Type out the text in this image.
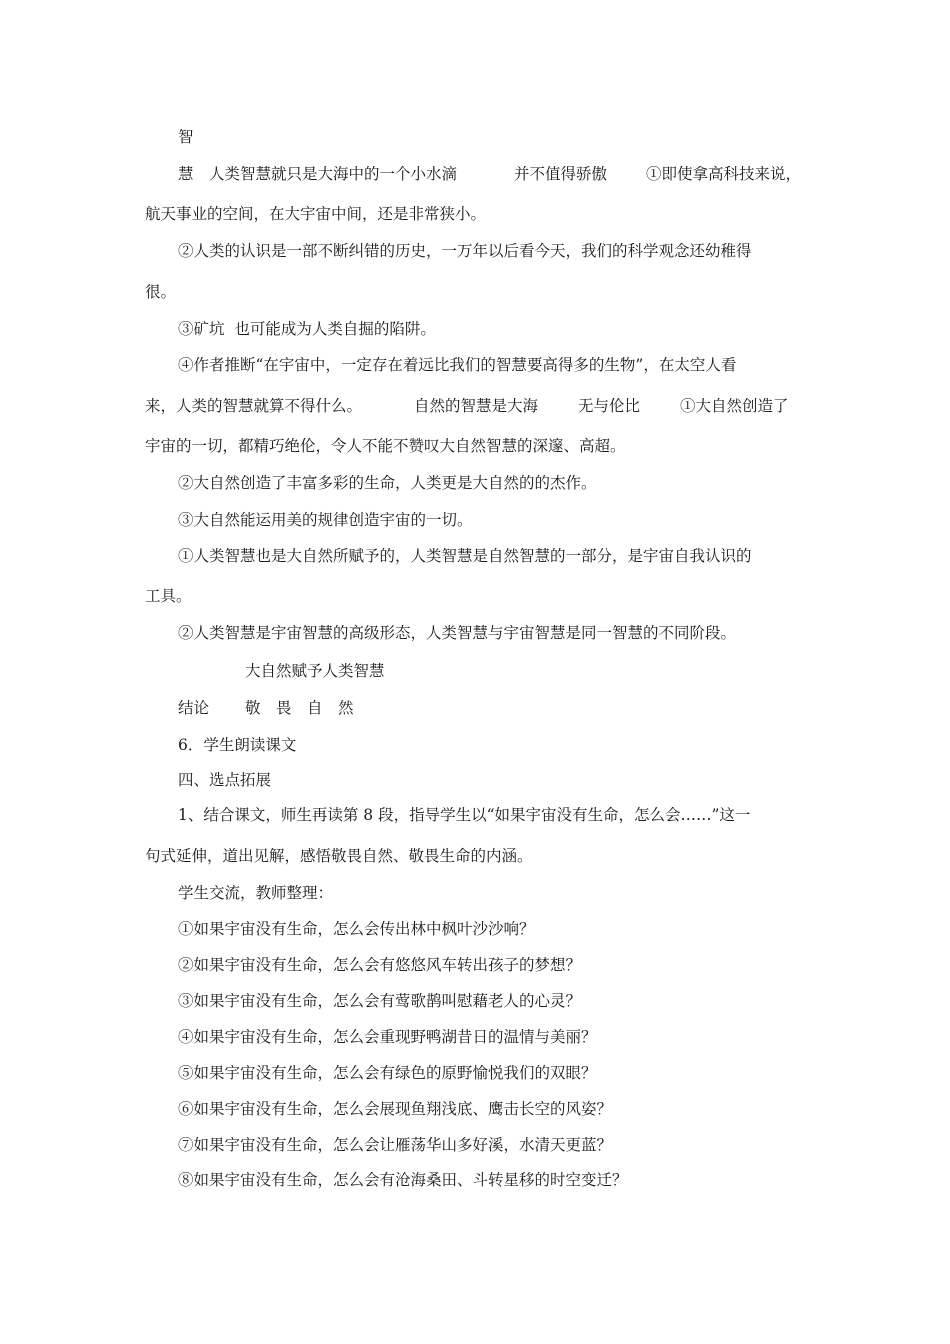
智
慧　人类智慧就只是大海中的一个小水滴	并不值得骄傲	①即使拿高科技来说，
航天事业的空间，在大宇宙中间，还是非常狭小。
②人类的认识是一部不断纠错的历史，一万年以后看今天，我们的科学观念还幼稚得
很。
③矿坑  也可能成为人类自掘的陷阱。
④作者推断“在宇宙中，一定存在着远比我们的智慧要高得多的生物”，在太空人看
来，人类的智慧就算不得什么。	自然的智慧是大海	无与伦比	①大自然创造了
宇宙的一切，都精巧绝伦，令人不能不赞叹大自然智慧的深邃、高超。
②大自然创造了丰富多彩的生命，人类更是大自然的的杰作。
③大自然能运用美的规律创造宇宙的一切。
①人类智慧也是大自然所赋予的，人类智慧是自然智慧的一部分，是宇宙自我认识的
工具。
②人类智慧是宇宙智慧的高级形态，人类智慧与宇宙智慧是同一智慧的不同阶段。
大自然赋予人类智慧
结论 敬　畏　自　然
6．学生朗读课文
四、选点拓展
1、结合课文，师生再读第 8 段，指导学生以“如果宇宙没有生命，怎么会……”这一
句式延伸，道出见解，感悟敬畏自然、敬畏生命的内涵。
学生交流，教师整理：
①如果宇宙没有生命，怎么会传出林中枫叶沙沙响？
②如果宇宙没有生命，怎么会有悠悠风车转出孩子的梦想？
③如果宇宙没有生命，怎么会有莺歌鹊叫慰藉老人的心灵？
④如果宇宙没有生命，怎么会重现野鸭湖昔日的温情与美丽？
⑤如果宇宙没有生命，怎么会有绿色的原野愉悦我们的双眼？
⑥如果宇宙没有生命，怎么会展现鱼翔浅底、鹰击长空的风姿？
⑦如果宇宙没有生命，怎么会让雁荡华山多好溪，水清天更蓝？
⑧如果宇宙没有生命，怎么会有沧海桑田、斗转星移的时空变迁？
